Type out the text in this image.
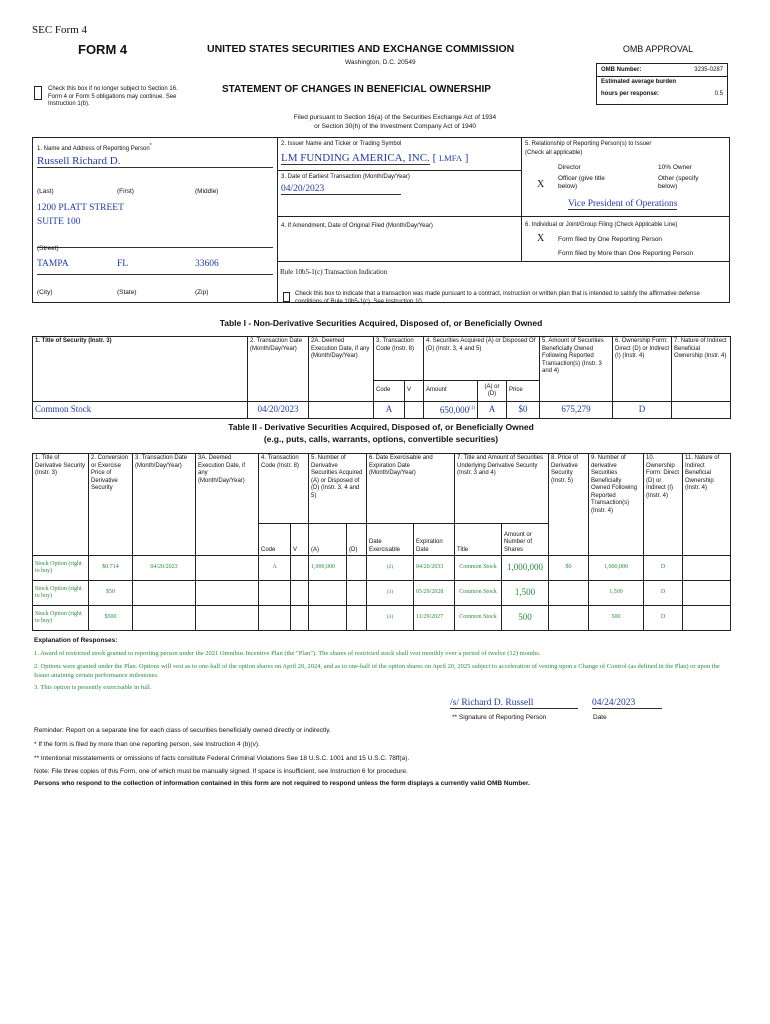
SEC Form 4
FORM 4	UNITED STATES SECURITIES AND EXCHANGE COMMISSION
Washington, D.C. 20549
Check this box if no longer subject to Section 16. Form 4 or Form 5 obligations may continue. See Instruction 1(b).
STATEMENT OF CHANGES IN BENEFICIAL OWNERSHIP
Filed pursuant to Section 16(a) of the Securities Exchange Act of 1934
or Section 30(h) of the Investment Company Act of 1940
OMB APPROVAL
OMB Number:	3235-0287
Estimated average burden
hours per response:	0.5
1. Name and Address of Reporting Person*
Russell Richard D.
(Last)	(First)	(Middle)
1200 PLATT STREET
SUITE 100
(Street)
TAMPA	FL	33606
(City)	(State)	(Zip)
2. Issuer Name and Ticker or Trading Symbol
LM FUNDING AMERICA, INC. [ LMFA ]
3. Date of Earliest Transaction (Month/Day/Year)
04/20/2023
4. If Amendment, Date of Original Filed (Month/Day/Year)
5. Relationship of Reporting Person(s) to Issuer
(Check all applicable)
Director	10% Owner
X
Officer (give title below)
Other (specify below)
Vice President of Operations
6. Individual or Joint/Group Filing (Check Applicable Line)
X Form filed by One Reporting Person
Form filed by More than One Reporting Person
Rule 10b5-1(c) Transaction Indication
Check this box to indicate that a transaction was made pursuant to a contract, instruction or written plan that is intended to satisfy the affirmative defense conditions of Rule 10b5-1(c). See Instruction 10.
Table I - Non-Derivative Securities Acquired, Disposed of, or Beneficially Owned
1. Title of Security (Instr. 3)	2. Transaction Date (Month/Day/Year)	2A. Deemed Execution Date, if any (Month/Day/Year)	3. Transaction Code (Instr. 8)		4. Securities Acquired (A) or Disposed Of (D) (Instr. 3, 4 and 5)			5. Amount of Securities Beneficially Owned Following Reported Transaction(s) (Instr. 3 and 4)	6. Ownership Form: Direct (D) or Indirect (I) (Instr. 4)	7. Nature of Indirect Beneficial Ownership (Instr. 4)
			Code	V	Amount	(A) or (D)	Price			
Common Stock	04/20/2023		A		650,000$^{(1)}$	A	$0	675,279	D	
Table II - Derivative Securities Acquired, Disposed of, or Beneficially Owned
(e.g., puts, calls, warrants, options, convertible securities)
1. Title of Derivative Security (Instr. 3)	2. Conversion or Exercise Price of Derivative Security	3. Transaction Date (Month/Day/Year)	3A. Deemed Execution Date, if any (Month/Day/Year)	4. Transaction Code (Instr. 8)		5. Number of Derivative Securities Acquired (A) or Disposed of (D) (Instr. 3, 4 and 5)		6. Date Exercisable and Expiration Date (Month/Day/Year)		7. Title and Amount of Securities Underlying Derivative Security (Instr. 3 and 4)		8. Price of Derivative Security (Instr. 5)	9. Number of derivative Securities Beneficially Owned Following Reported Transaction(s) (Instr. 4)	10. Ownership Form: Direct (D) or Indirect (I) (Instr. 4)	11. Nature of Indirect Beneficial Ownership (Instr. 4)
				Code	V	(A)	(D)	Date Exercisable	Expiration Date	Title	Amount or Number of Shares				
Stock Option (right to buy)	$0.714	04/20/2023		A		1,000,000		(2)	04/20/2033	Common Stock	1,000,000	$0	1,000,000	D	
Stock Option (right to buy)	$50							(3)	05/29/2028	Common Stock	1,500		1,500	D	
Stock Option (right to buy)	$500							(3)	11/29/2027	Common Stock	500		500	D	
Explanation of Responses:
1. Award of restricted stock granted to reporting person under the 2021 Omnibus Incentive Plan (the "Plan"). The shares of restricted stock shall vest monthly over a period of twelve (12) months.
2. Options were granted under the Plan. Options will vest as to one-half of the option shares on April 20, 2024, and as to one-half of the option shares on April 20, 2025 subject to acceleration of vesting upon a Change of Control (as defined in the Plan) or upon the Issuer attaining certain performance milestones.
3. This option is presently exercisable in full.
/s/ Richard D. Russell	04/24/2023
** Signature of Reporting Person	Date
Reminder: Report on a separate line for each class of securities beneficially owned directly or indirectly.
* If the form is filed by more than one reporting person, see Instruction 4 (b)(v).
** Intentional misstatements or omissions of facts constitute Federal Criminal Violations See 18 U.S.C. 1001 and 15 U.S.C. 78ff(a).
Note: File three copies of this Form, one of which must be manually signed. If space is insufficient, see Instruction 6 for procedure.
Persons who respond to the collection of information contained in this form are not required to respond unless the form displays a currently valid OMB Number.
